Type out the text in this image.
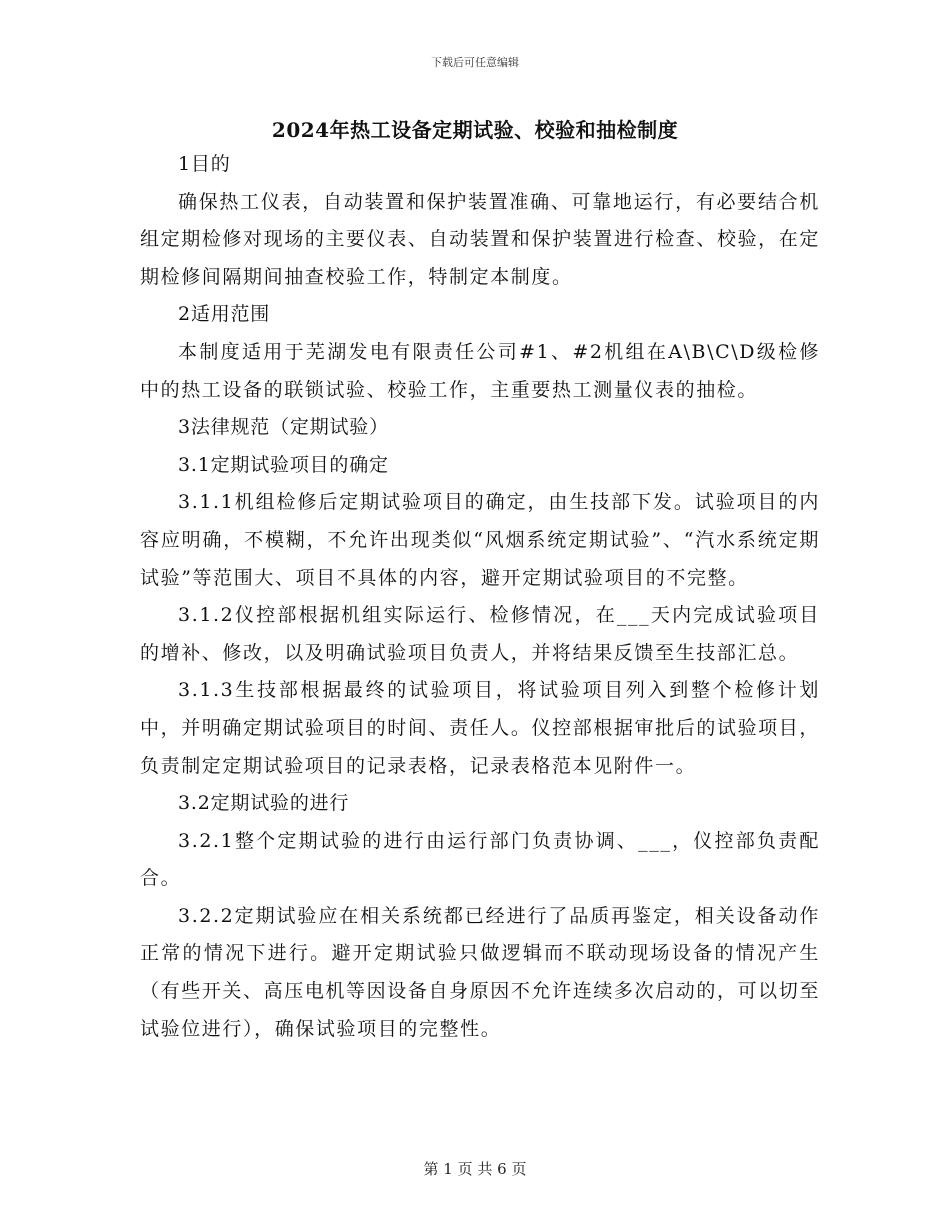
下载后可任意编辑
2024年热工设备定期试验、校验和抽检制度

1目的

确保热工仪表，自动装置和保护装置准确、可靠地运行，有必要结合机组定期检修对现场的主要仪表、自动装置和保护装置进行检查、校验，在定期检修间隔期间抽查校验工作，特制定本制度。

2适用范围

本制度适用于芜湖发电有限责任公司#1、#2机组在A\B\C\D级检修中的热工设备的联锁试验、校验工作，主重要热工测量仪表的抽检。

3法律规范（定期试验）

3.1定期试验项目的确定

3.1.1机组检修后定期试验项目的确定，由生技部下发。试验项目的内容应明确，不模糊，不允许出现类似“风烟系统定期试验”、“汽水系统定期试验”等范围大、项目不具体的内容，避开定期试验项目的不完整。

3.1.2仪控部根据机组实际运行、检修情况，在___天内完成试验项目的增补、修改，以及明确试验项目负责人，并将结果反馈至生技部汇总。

3.1.3生技部根据最终的试验项目，将试验项目列入到整个检修计划中，并明确定期试验项目的时间、责任人。仪控部根据审批后的试验项目，负责制定定期试验项目的记录表格，记录表格范本见附件一。

3.2定期试验的进行

3.2.1整个定期试验的进行由运行部门负责协调、___，仪控部负责配合。

3.2.2定期试验应在相关系统都已经进行了品质再鉴定，相关设备动作正常的情况下进行。避开定期试验只做逻辑而不联动现场设备的情况产生（有些开关、高压电机等因设备自身原因不允许连续多次启动的，可以切至试验位进行），确保试验项目的完整性。

第 1 页 共 6 页
